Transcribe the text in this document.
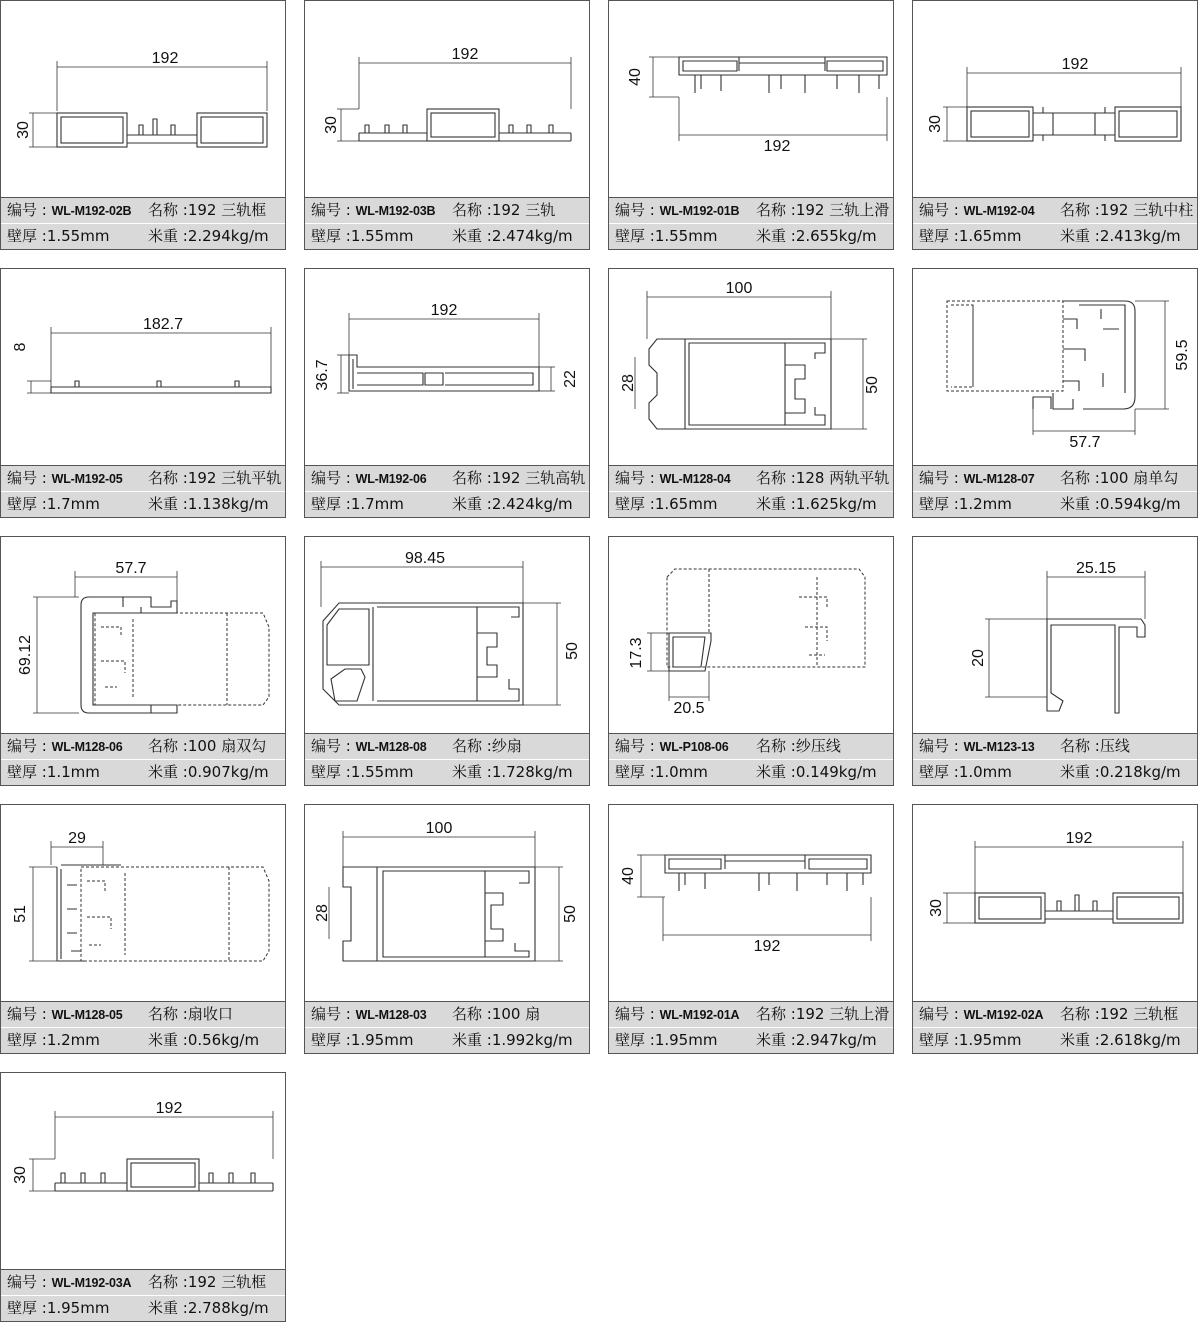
192
30
编号 : WL-M192-02B	名称 :192 三轨框
壁厚 :1.55mm	米重 :2.294kg/m
192
30
编号 : WL-M192-03B	名称 :192 三轨
壁厚 :1.55mm	米重 :2.474kg/m
40
192
编号 : WL-M192-01B	名称 :192 三轨上滑
壁厚 :1.55mm	米重 :2.655kg/m
192
30
编号 : WL-M192-04	名称 :192 三轨中柱
壁厚 :1.65mm	米重 :2.413kg/m
182.7
8
编号 : WL-M192-05	名称 :192 三轨平轨
壁厚 :1.7mm	米重 :1.138kg/m
192
36.7	22
编号 : WL-M192-06	名称 :192 三轨高轨
壁厚 :1.7mm	米重 :2.424kg/m
100
28	50
编号 : WL-M128-04	名称 :128 两轨平轨
壁厚 :1.65mm	米重 :1.625kg/m
59.5
57.7
编号 : WL-M128-07	名称 :100 扇单勾
壁厚 :1.2mm	米重 :0.594kg/m
57.7
69.12
编号 : WL-M128-06	名称 :100 扇双勾
壁厚 :1.1mm	米重 :0.907kg/m
98.45
50
编号 : WL-M128-08	名称 :纱扇
壁厚 :1.55mm	米重 :1.728kg/m
17.3
20.5
编号 : WL-P108-06	名称 :纱压线
壁厚 :1.0mm	米重 :0.149kg/m
25.15
20
编号 : WL-M123-13	名称 :压线
壁厚 :1.0mm	米重 :0.218kg/m
29
51
编号 : WL-M128-05	名称 :扇收口
壁厚 :1.2mm	米重 :0.56kg/m
100
28	50
编号 : WL-M128-03	名称 :100 扇
壁厚 :1.95mm	米重 :1.992kg/m
40
192
编号 : WL-M192-01A	名称 :192 三轨上滑
壁厚 :1.95mm	米重 :2.947kg/m
192
30
编号 : WL-M192-02A	名称 :192 三轨框
壁厚 :1.95mm	米重 :2.618kg/m
192
30
编号 : WL-M192-03A	名称 :192 三轨框
壁厚 :1.95mm	米重 :2.788kg/m
